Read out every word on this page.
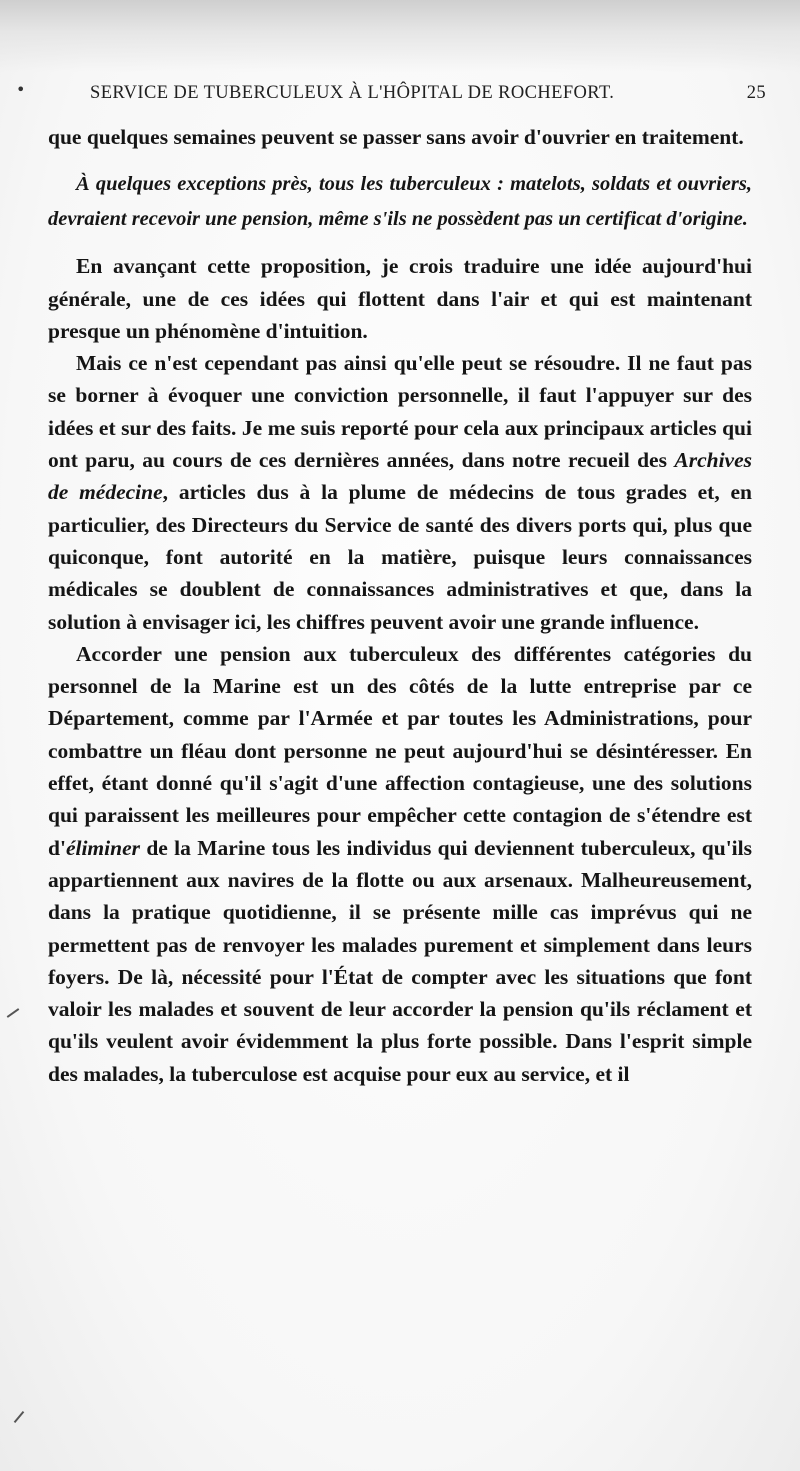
•	SERVICE DE TUBERCULEUX À L'HÔPITAL DE ROCHEFORT.	25

que quelques semaines peuvent se passer sans avoir d'ouvrier en traitement.

À quelques exceptions près, tous les tuberculeux : matelots, soldats et ouvriers, devraient recevoir une pension, même s'ils ne possèdent pas un certificat d'origine.

En avançant cette proposition, je crois traduire une idée aujourd'hui générale, une de ces idées qui flottent dans l'air et qui est maintenant presque un phénomène d'intuition.

Mais ce n'est cependant pas ainsi qu'elle peut se résoudre. Il ne faut pas se borner à évoquer une conviction personnelle, il faut l'appuyer sur des idées et sur des faits. Je me suis reporté pour cela aux principaux articles qui ont paru, au cours de ces dernières années, dans notre recueil des Archives de médecine, articles dus à la plume de médecins de tous grades et, en particulier, des Directeurs du Service de santé des divers ports qui, plus que quiconque, font autorité en la matière, puisque leurs connaissances médicales se doublent de connaissances administratives et que, dans la solution à envisager ici, les chiffres peuvent avoir une grande influence.

Accorder une pension aux tuberculeux des différentes catégories du personnel de la Marine est un des côtés de la lutte entreprise par ce Département, comme par l'Armée et par toutes les Administrations, pour combattre un fléau dont personne ne peut aujourd'hui se désintéresser. En effet, étant donné qu'il s'agit d'une affection contagieuse, une des solutions qui paraissent les meilleures pour empêcher cette contagion de s'étendre est d'éliminer de la Marine tous les individus qui deviennent tuberculeux, qu'ils appartiennent aux navires de la flotte ou aux arsenaux. Malheureusement, dans la pratique quotidienne, il se présente mille cas imprévus qui ne permettent pas de renvoyer les malades purement et simplement dans leurs foyers. De là, nécessité pour l'État de compter avec les situations que font valoir les malades et souvent de leur accorder la pension qu'ils réclament et qu'ils veulent avoir évidemment la plus forte possible. Dans l'esprit simple des malades, la tuberculose est acquise pour eux au service, et il
